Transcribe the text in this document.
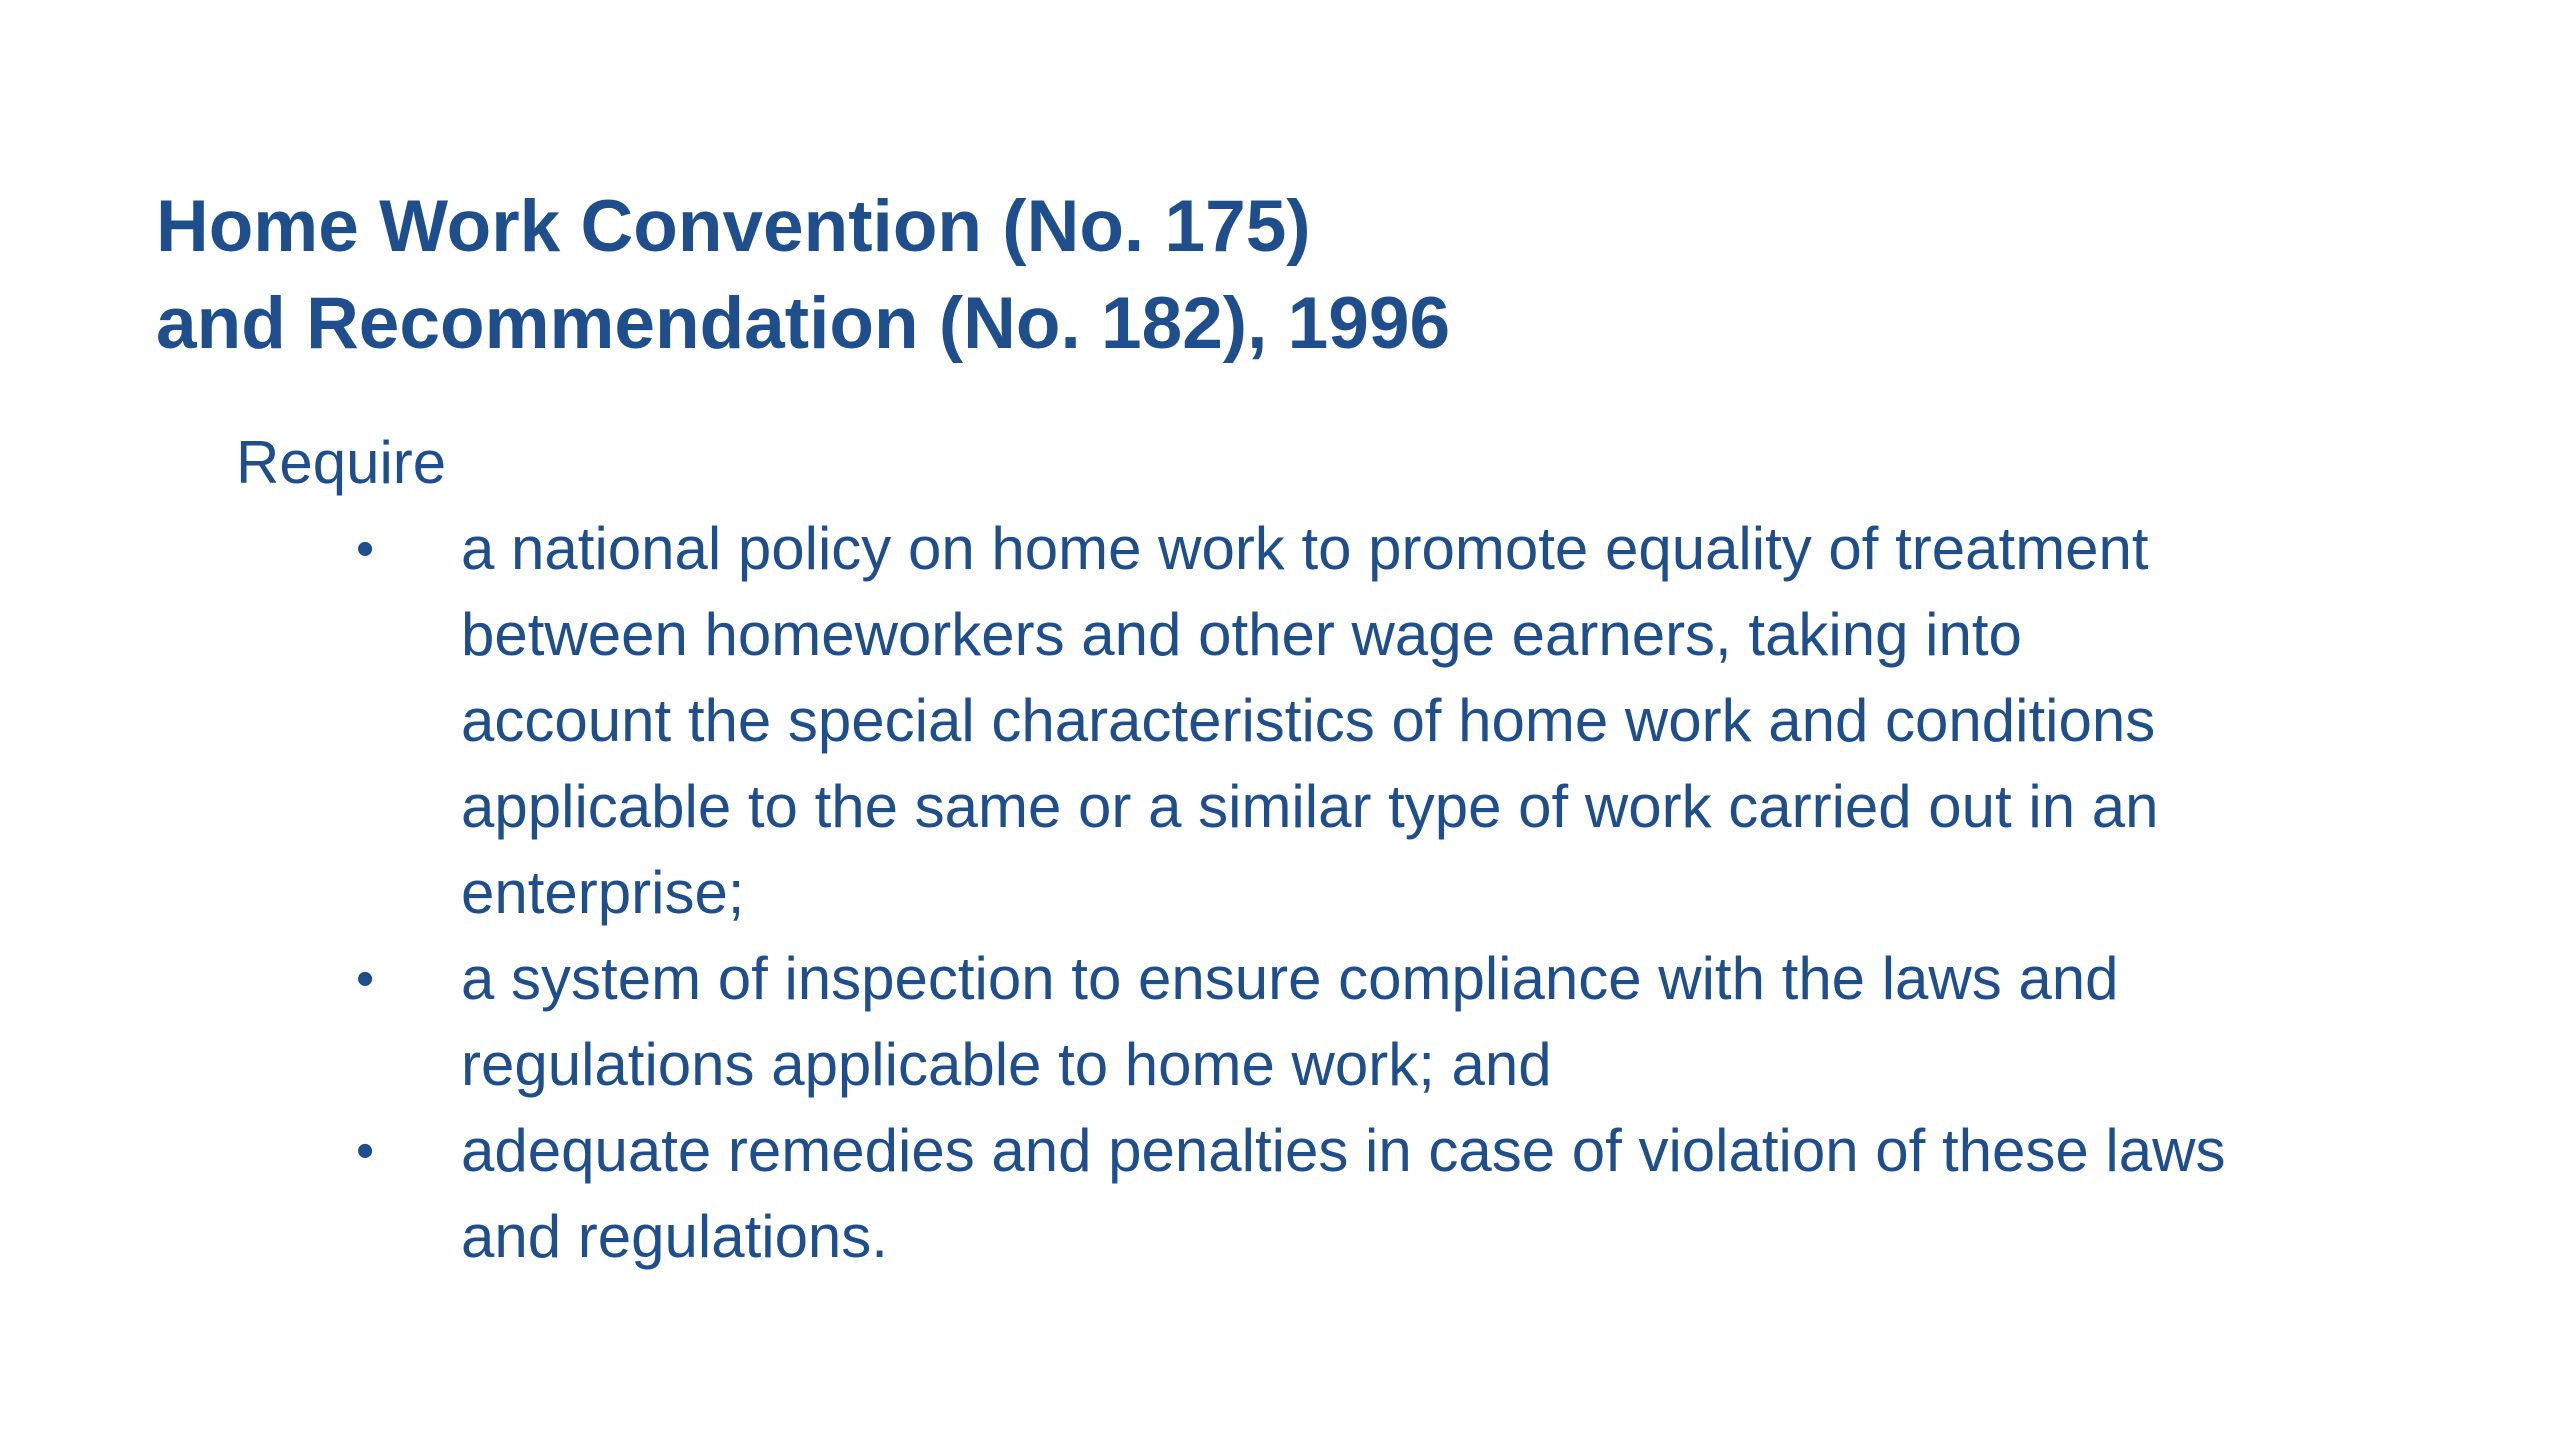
Home Work Convention (No. 175)
and Recommendation (No. 182), 1996

Require

• a national policy on home work to promote equality of treatment
between homeworkers and other wage earners, taking into
account the special characteristics of home work and conditions
applicable to the same or a similar type of work carried out in an
enterprise;
• a system of inspection to ensure compliance with the laws and
regulations applicable to home work; and
• adequate remedies and penalties in case of violation of these laws
and regulations.
